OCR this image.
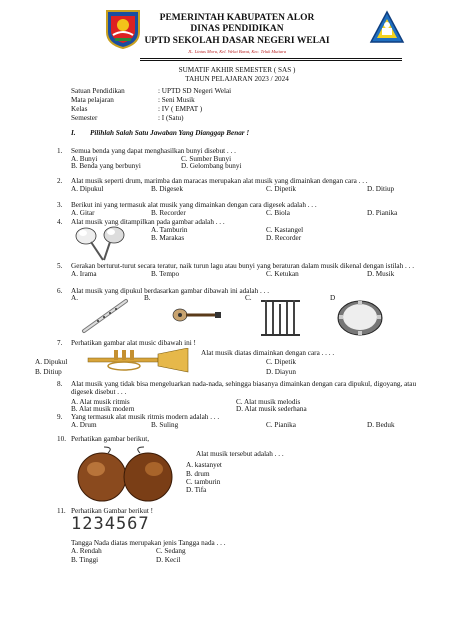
PEMERINTAH KABUPATEN ALOR
DINAS PENDIDIKAN
UPTD SEKOLAH DASAR NEGERI WELAI
JL. Lintas Moru, Kel. Welai Barat, Kec. Teluk Mutiara
SUMATIF AKHIR SEMESTER ( SAS )
TAHUN PELAJARAN 2023 / 2024
Satuan Pendidikan	: UPTD SD Negeri Welai
Mata pelajaran	: Seni Musik
Kelas	: IV ( EMPAT )
Semester	: I (Satu)
I. Pilihlah Salah Satu Jawaban Yang Dianggap Benar !
1. Semua benda yang dapat menghasilkan bunyi disebut . . .
A. Bunyi	C. Sumber Bunyi
B. Benda yang berbunyi	D. Gelombang bunyi
2. Alat musik seperti drum, marimba dan maracas merupakan alat musik yang dimainkan dengan cara . . .
A. Dipukul	B. Digesek	C. Dipetik	D. Ditiup
3. Berikut ini yang termasuk alat musik yang dimainkan dengan cara digesek adalah . . .
A. Gitar	B. Recorder	C. Biola	D. Pianika
4. Alat musik yang ditampilkan pada gambar adalah . . .
A. Tamburin	C. Kastangel
B. Marakas	D. Recorder
5. Gerakan berturut-turut secara teratur, naik turun lagu atau bunyi yang beraturan dalam musik dikenal dengan istilah . . .
A. Irama	B. Tempo	C. Ketukan	D. Musik
6. Alat musik yang dipukul berdasarkan gambar dibawah ini adalah . . .
A.	B.	C.	D
7. Perhatikan gambar alat music dibawah ini !
Alat musik diatas dimainkan dengan cara . . . .
A. Dipukul	C. Dipetik
B. Ditiup	D. Diayun
8. Alat musik yang tidak bisa mengeluarkan nada-nada, sehingga biasanya dimainkan dengan cara dipukul, digoyang, atau
digesek disebut . . .
A. Alat musik ritmis	C. Alat musik melodis
B. Alat musik modern	D. Alat musik sederhana
9. Yang termasuk alat musik ritmis modern adalah . . .
A. Drum	B. Suling	C. Pianika	D. Beduk
10. Perhatikan gambar berikut,
Alat musik tersebut adalah . . .
A. kastanyet
B. drum
C. tamburin
D. Tifa
11. Perhatikan Gambar berikut !
1234567
Tangga Nada diatas merupakan jenis Tangga nada . . .
A. Rendah	C. Sedang
B. Tinggi	D. Kecil
